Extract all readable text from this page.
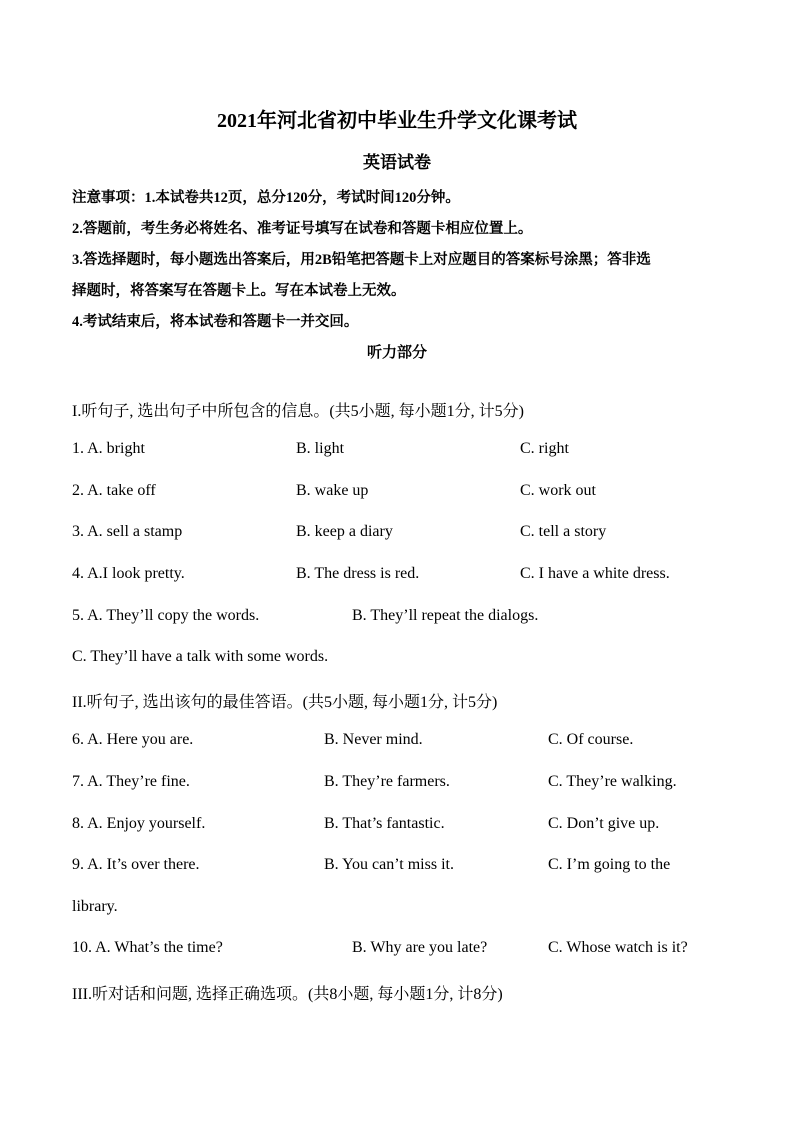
2021年河北省初中毕业生升学文化课考试
英语试卷
注意事项：1.本试卷共12页，总分120分，考试时间120分钟。
2.答题前，考生务必将姓名、准考证号填写在试卷和答题卡相应位置上。
3.答选择题时，每小题选出答案后，用2B铅笔把答题卡上对应题目的答案标号涂黑；答非选
择题时，将答案写在答题卡上。写在本试卷上无效。
4.考试结束后，将本试卷和答题卡一并交回。
听力部分
I.听句子, 选出句子中所包含的信息。(共5小题, 每小题1分, 计5分)
1. A. bright	B. light	C. right
2. A. take off	B. wake up	C. work out
3. A. sell a stamp	B. keep a diary	C. tell a story
4. A.I look pretty.	B. The dress is red.	C. I have a white dress.
5. A. They’ll copy the words.	B. They’ll repeat the dialogs.
C. They’ll have a talk with some words.
II.听句子, 选出该句的最佳答语。(共5小题, 每小题1分, 计5分)
6. A. Here you are.	B. Never mind.	C. Of course.
7. A. They’re fine.	B. They’re farmers.	C. They’re walking.
8. A. Enjoy yourself.	B. That’s fantastic.	C. Don’t give up.
9. A. It’s over there.	B. You can’t miss it.	C. I’m going to the
library.
10. A. What’s the time?	B. Why are you late?	C. Whose watch is it?
III.听对话和问题, 选择正确选项。(共8小题, 每小题1分, 计8分)
